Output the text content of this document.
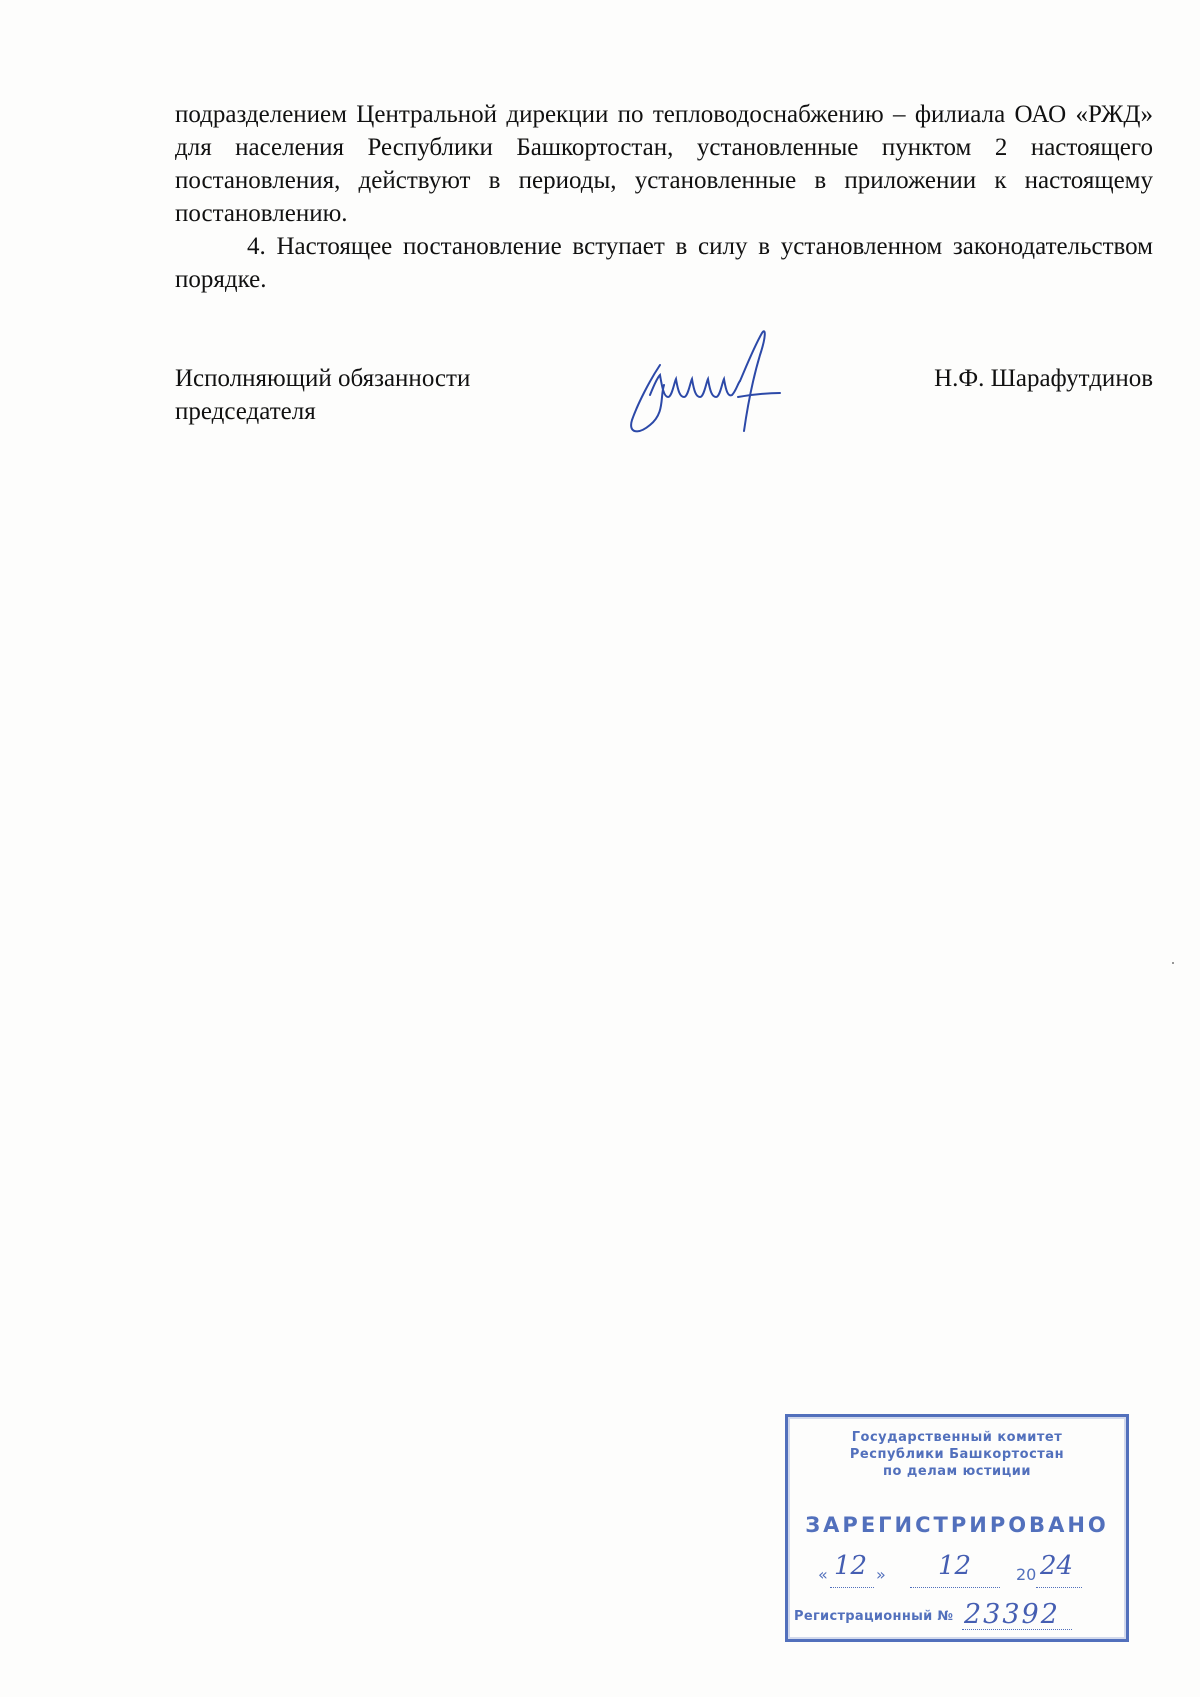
подразделением Центральной дирекции по тепловодоснабжению – филиала ОАО «РЖД» для населения Республики Башкортостан, установленные пунктом 2 настоящего постановления, действуют в периоды, установленные в приложении к настоящему постановлению.

4. Настоящее постановление вступает в силу в установленном законодательством порядке.

Исполняющий обязанности
председателя
Н.Ф. Шарафутдинов
Государственный комитет
Республики Башкортостан
по делам юстиции
ЗАРЕГИСТРИРОВАНО
« 12 » 12	20 24
Регистрационный № 23392
